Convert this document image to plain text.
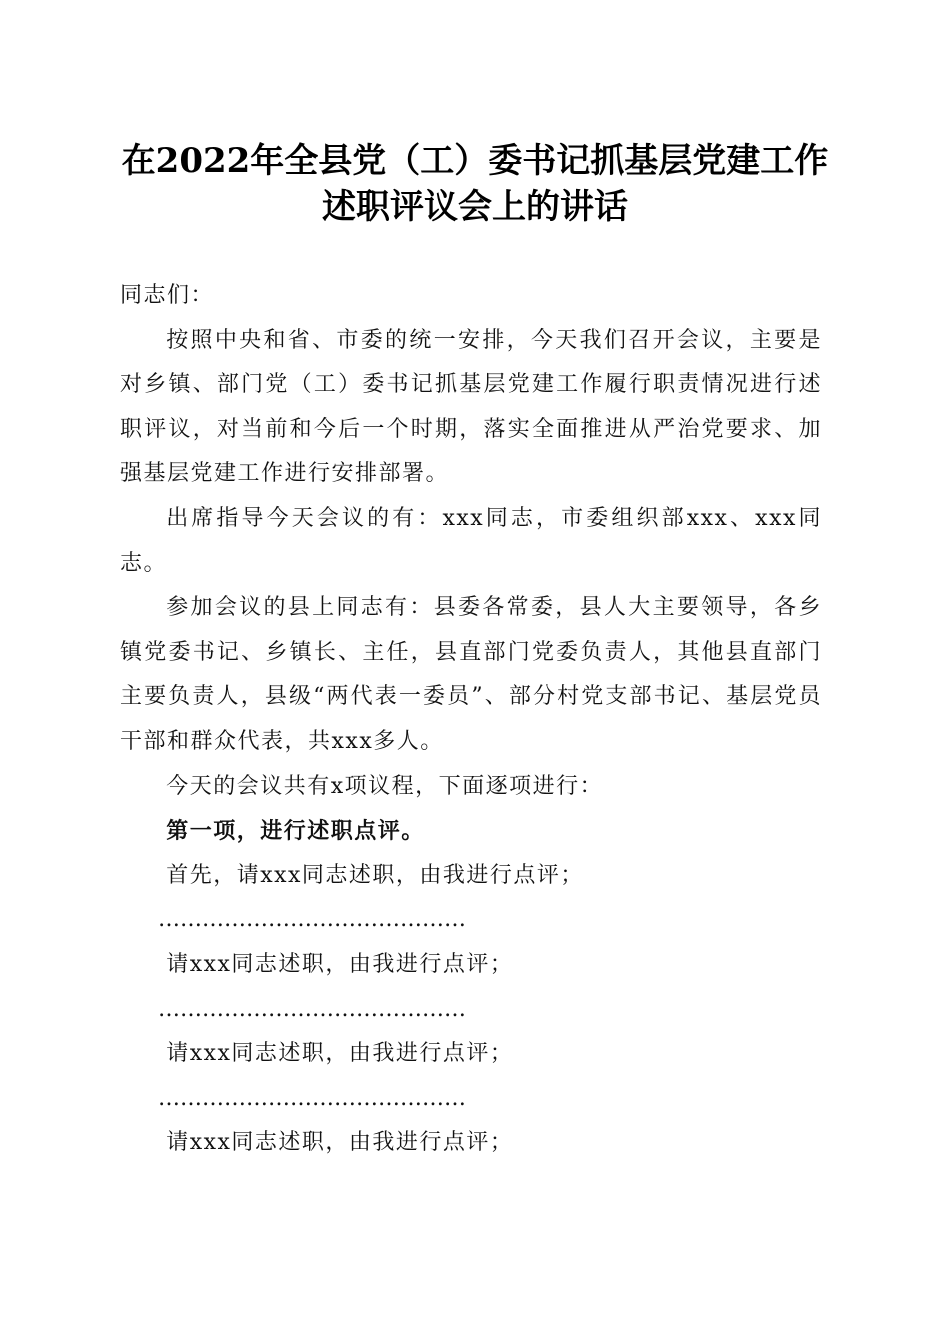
在2022年全县党（工）委书记抓基层党建工作述职评议会上的讲话

同志们：

按照中央和省、市委的统一安排，今天我们召开会议，主要是对乡镇、部门党（工）委书记抓基层党建工作履行职责情况进行述职评议，对当前和今后一个时期，落实全面推进从严治党要求、加强基层党建工作进行安排部署。

出席指导今天会议的有：xxx同志，市委组织部xxx、xxx同志。

参加会议的县上同志有：县委各常委，县人大主要领导，各乡镇党委书记、乡镇长、主任，县直部门党委负责人，其他县直部门主要负责人，县级“两代表一委员”、部分村党支部书记、基层党员干部和群众代表，共xxx多人。

今天的会议共有x项议程，下面逐项进行：

第一项，进行述职点评。

首先，请xxx同志述职，由我进行点评；

……………………………………

请xxx同志述职，由我进行点评；

……………………………………

请xxx同志述职，由我进行点评；

……………………………………

请xxx同志述职，由我进行点评；
